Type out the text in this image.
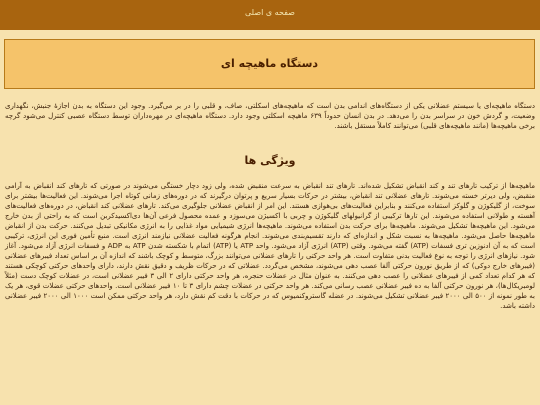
صفحه ی اصلی
دستگاه ماهیچه ای

دستگاه ماهیچه‌ای یا سیستم عضلانی یکی از دستگاه‌های اندامی بدن است که ماهیچه‌های اسکلتی، صاف، و قلبی را در بر می‌گیرد. وجود این دستگاه به بدن اجازهٔ جنبش، نگهداری وضعیت، و گردش خون در سراسر بدن را می‌دهد. در بدن انسان حدوداً ۶۳۹ ماهیچه اسکلتی وجود دارد. دستگاه ماهیچه‌ای در مهره‌داران توسط دستگاه عصبی کنترل می‌شود گرچه برخی ماهیچه‌ها (مانند ماهیچه‌های قلبی) می‌توانند کاملاً مستقل باشند.

ویژگی ها

ماهیچه‌ها از ترکیب تارهای تند و کند انقباض تشکیل شده‌اند. تارهای تند انقباض به سرعت منقبض شده، ولی زود دچار خستگی می‌شوند در صورتی که تارهای کند انقباض به آرامی منقبض، ولی دیرتر خسته می‌شوند. تارهای عضلانی تند انقباض، بیشتر در حرکات بسیار سریع و پرتوان درگیرند که در دوره‌های زمانی کوتاه اجرا می‌شوند. این فعالیت‌ها بیشتر برای سوخت، از گلیکوژن و گلوکز استفاده می‌کنند و بنابراین فعالیت‌های بی‌هوازی هستند. این امر از انقباض عضلانی جلوگیری می‌کند. تارهای عضلانی کند انقباض، در دوره‌های فعالیت‌های آهسته و طولانی استفاده می‌شوند. این تارها ترکیبی از گرانیولهای گلیکوژن و چربی با اکسیژن می‌سوزد و عمده محصول فرعی آن‌ها دی‌اکسیدکربن است که به راحتی از بدن خارج می‌شود. این ماهیچه‌ها تشکیل می‌شوند. ماهیچه‌ها برای حرکت بدن استفاده می‌شوند. ماهیچه‌ها انرژی شیمیایی مواد غذایی را به انرژی مکانیکی تبدیل می‌کنند. حرکت بدن از انقباض ماهیچه‌ها حاصل می‌شود. ماهیچه‌ها به نسبت شکل و اندازه‌ای که دارند تقسیم‌بندی می‌شوند. انجام هرگونه فعالیت عضلانی نیازمند انرژی است. منبع تأمین فوری این انرژی، ترکیبی است که به آن ادنوزین تری فسفات (ATP) گفته می‌شود. وقتی (ATP) انرژی آزاد می‌شود. واحد ATP یا (ATP) اتمام با شکسته شدن ATP به ADP و فسفات انرژی آزاد می‌شود. آغاز شود. نیازهای انرژی را توجه به نوع فعالیت بدنی متفاوت است. هر واحد حرکتی را تارهای عضلانی می‌توانند بزرگ، متوسط و کوچک باشند که اندازه آن بر اساس تعداد فیبرهای عضلانی (فیبرهای خارج دوکی) که از طریق نورون حرکتی آلفا عصب دهی می‌شوند، مشخص می‌گردد. عضلاتی که در حرکات ظریف و دقیق نقش دارند، دارای واحدهای حرکتی کوچکی هستند که هر کدام تعداد کمی از فیبرهای عضلانی را عصب دهی می‌کنند. به عنوان مثال در عضلات حنجره، هر واحد حرکتی دارای ۲ الی ۳ فیبر عضلانی است، در عضلات کوچک دست (مثلاً لومبریکال‌ها)، هر نورون حرکتی آلفا به ده فیبر عضلانی عصب رسانی می‌کند. هر واحد حرکتی در عضلات چشم دارای ۳ تا ۱۰ فیبر عضلانی است. واحدهای حرکتی عضلات قوی، هر یک به طور نمونه از ۵۰۰ الی ۲۰۰۰ فیبر عضلانی تشکیل می‌شوند. در عضله گاستروکنمیوس که در حرکات با دقت کم نقش دارد، هر واحد حرکتی ممکن است ۱۰۰۰ الی ۲۰۰۰ فیبر عضلانی داشته باشد.
